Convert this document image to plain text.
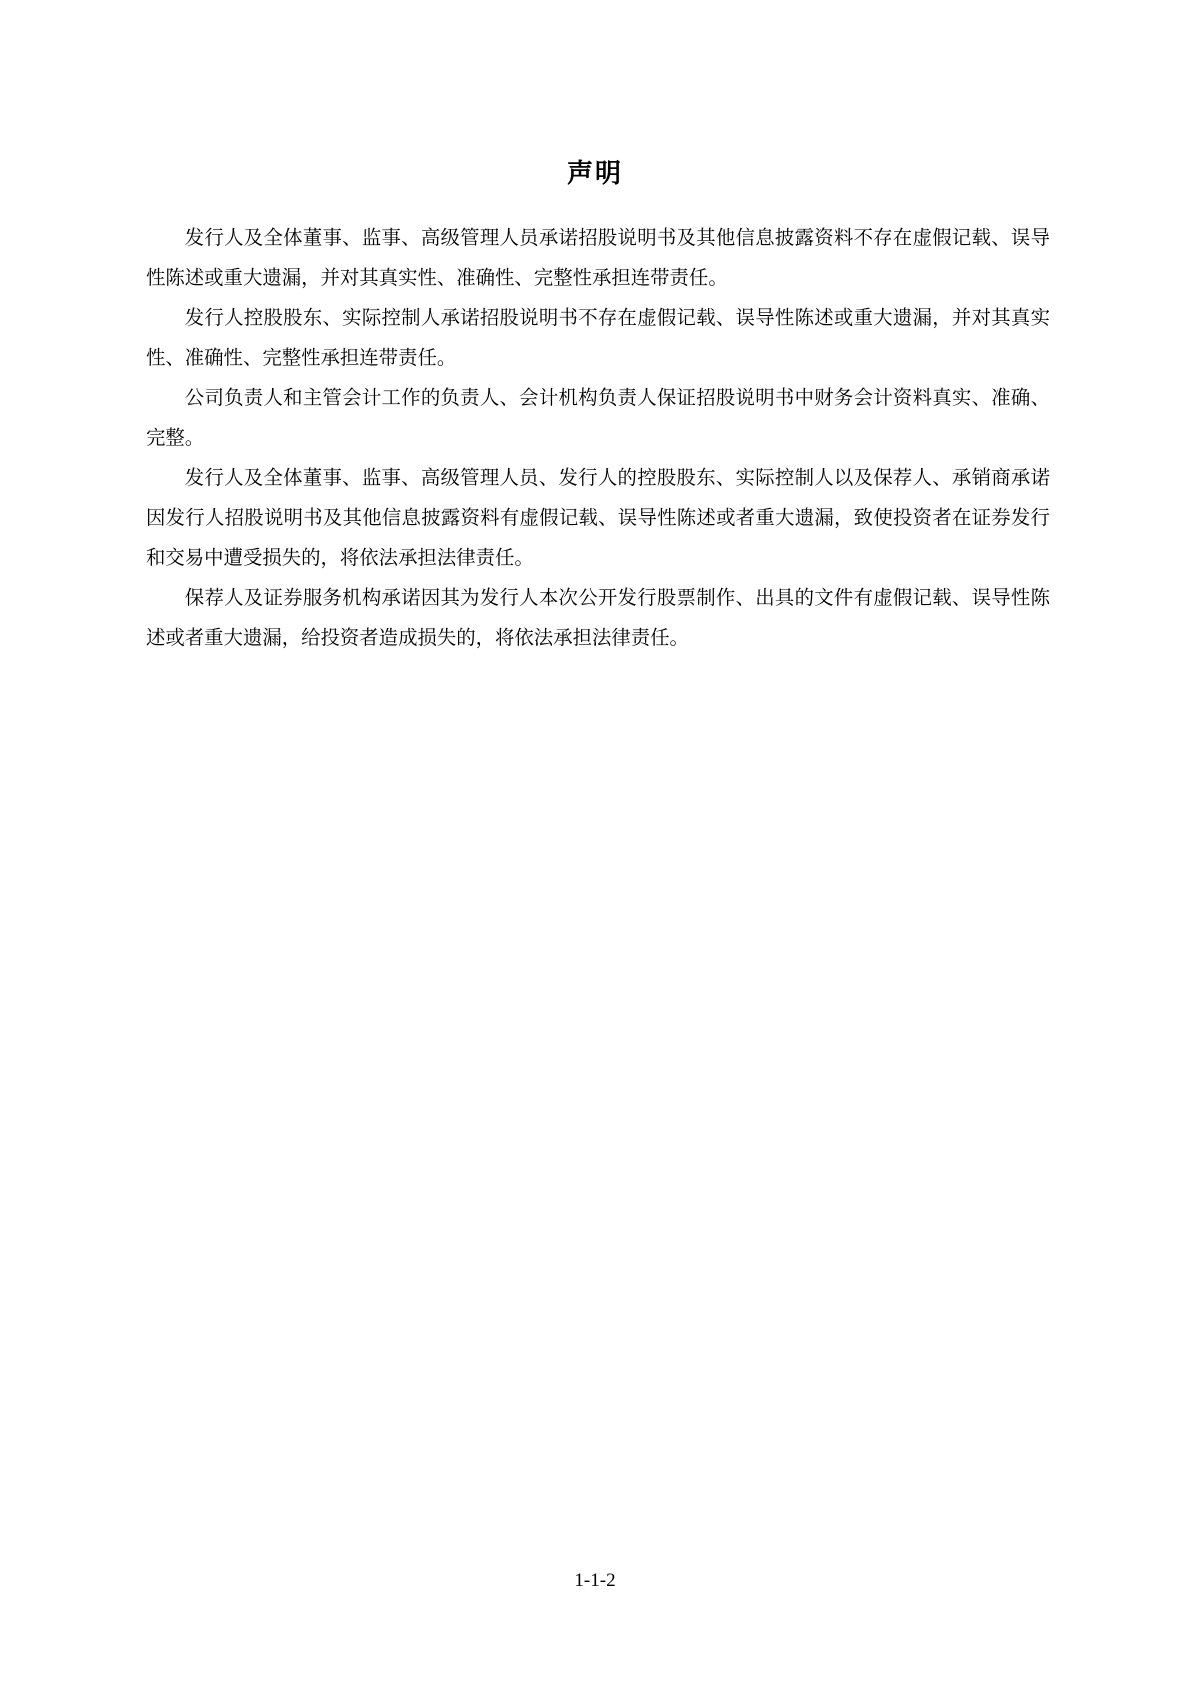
声明

发行人及全体董事、监事、高级管理人员承诺招股说明书及其他信息披露资料不存在虚假记载、误导性陈述或重大遗漏，并对其真实性、准确性、完整性承担连带责任。

发行人控股股东、实际控制人承诺招股说明书不存在虚假记载、误导性陈述或重大遗漏，并对其真实性、准确性、完整性承担连带责任。

公司负责人和主管会计工作的负责人、会计机构负责人保证招股说明书中财务会计资料真实、准确、完整。

发行人及全体董事、监事、高级管理人员、发行人的控股股东、实际控制人以及保荐人、承销商承诺因发行人招股说明书及其他信息披露资料有虚假记载、误导性陈述或者重大遗漏，致使投资者在证券发行和交易中遭受损失的，将依法承担法律责任。

保荐人及证券服务机构承诺因其为发行人本次公开发行股票制作、出具的文件有虚假记载、误导性陈述或者重大遗漏，给投资者造成损失的，将依法承担法律责任。

1-1-2
